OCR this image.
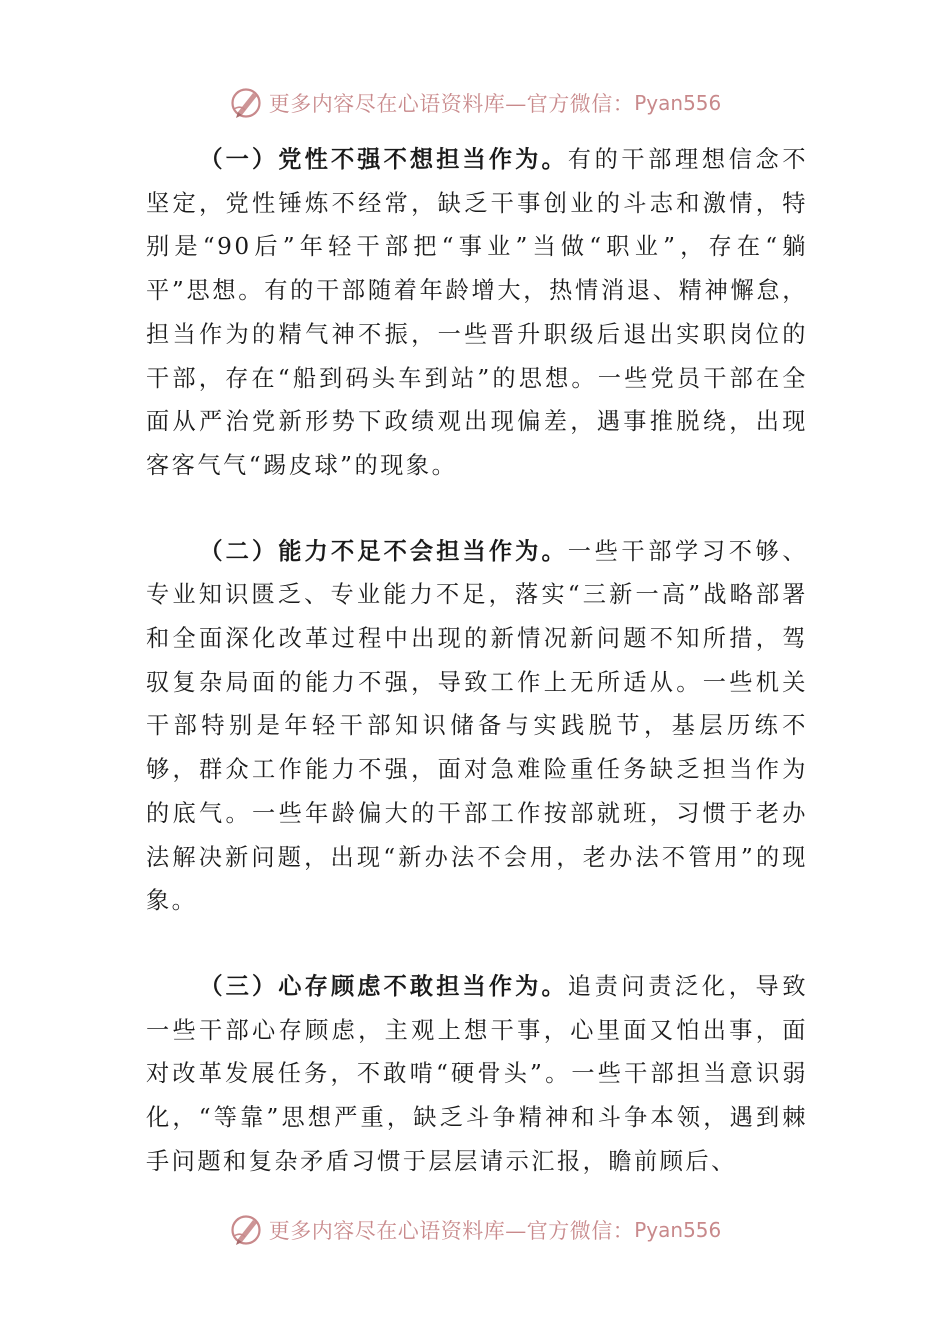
更多内容尽在心语资料库—官方微信： Pyan556

（一）党性不强不想担当作为。有的干部理想信念不坚定，党性锤炼不经常，缺乏干事创业的斗志和激情，特别是“90后”年轻干部把“事业”当做“职业”，存在“躺平”思想。有的干部随着年龄增大，热情消退、精神懈怠，担当作为的精气神不振，一些晋升职级后退出实职岗位的干部，存在“船到码头车到站”的思想。一些党员干部在全面从严治党新形势下政绩观出现偏差，遇事推脱绕，出现客客气气“踢皮球”的现象。

（二）能力不足不会担当作为。一些干部学习不够、专业知识匮乏、专业能力不足，落实“三新一高”战略部署和全面深化改革过程中出现的新情况新问题不知所措，驾驭复杂局面的能力不强，导致工作上无所适从。一些机关干部特别是年轻干部知识储备与实践脱节，基层历练不够，群众工作能力不强，面对急难险重任务缺乏担当作为的底气。一些年龄偏大的干部工作按部就班，习惯于老办法解决新问题，出现“新办法不会用，老办法不管用”的现象。

（三）心存顾虑不敢担当作为。追责问责泛化，导致一些干部心存顾虑，主观上想干事，心里面又怕出事，面对改革发展任务，不敢啃“硬骨头”。一些干部担当意识弱化，“等靠”思想严重，缺乏斗争精神和斗争本领，遇到棘手问题和复杂矛盾习惯于层层请示汇报，瞻前顾后、

更多内容尽在心语资料库—官方微信： Pyan556
